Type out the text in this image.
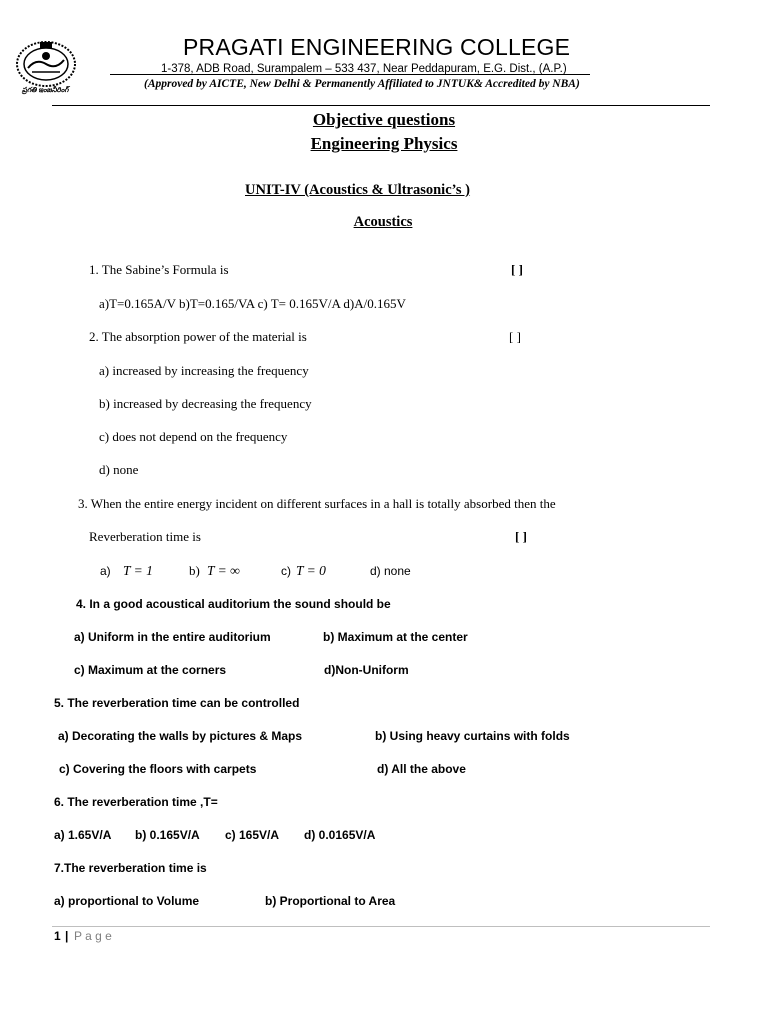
ప్రగతి ఇంజనీరింగ్
PRAGATI ENGINEERING COLLEGE
1-378, ADB Road, Surampalem – 533 437, Near Peddapuram, E.G. Dist., (A.P.)
(Approved by AICTE, New Delhi & Permanently Affiliated to JNTUK& Accredited by NBA)
Objective questions
Engineering Physics
UNIT-IV (Acoustics & Ultrasonic’s )
Acoustics
1. The Sabine’s Formula is	[ ]
a)T=0.165A/V b)T=0.165/VA c) T= 0.165V/A d)A/0.165V
2. The absorption power of the material is	[ ]
a) increased by increasing the frequency
b) increased by decreasing the frequency
c) does not depend on the frequency
d) none
3. When the entire energy incident on different surfaces in a hall is totally absorbed then the
Reverberation time is	[ ]
a) T = 1	b) T = ∞	c) T = 0	d) none
4. In a good acoustical auditorium the sound should be
a) Uniform in the entire auditorium	b) Maximum at the center
c) Maximum at the corners	d)Non-Uniform
5. The reverberation time can be controlled
a) Decorating the walls by pictures & Maps	b) Using heavy curtains with folds
c) Covering the floors with carpets	d) All the above
6. The reverberation time ,T=
a) 1.65V/A b) 0.165V/A c) 165V/A d) 0.0165V/A
7.The reverberation time is
a) proportional to Volume	b) Proportional to Area
1 | P a g e
